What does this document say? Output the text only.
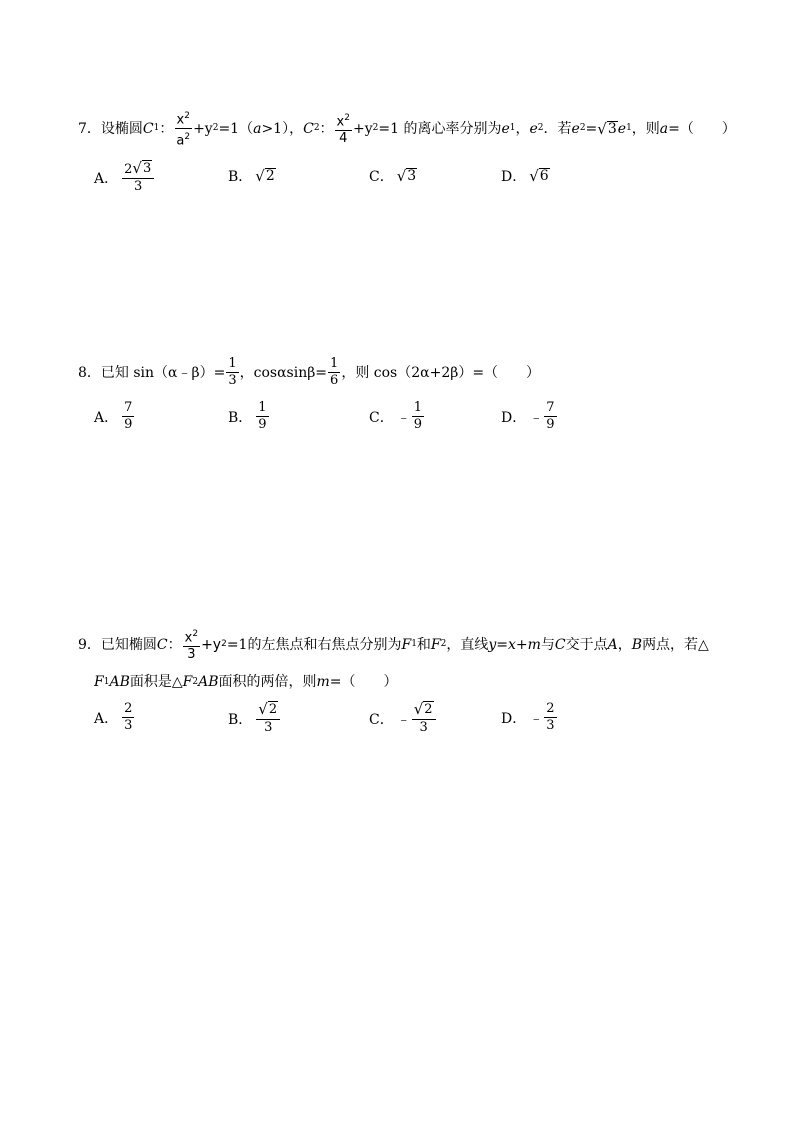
7． 设椭圆 C 1 ： $\frac{x^2}{a^2} +y$ 2 =1（ a >1）， C 2 ： $\frac{x^2}{4} +y$ 2 =1 的离心率分别为 e 1 ， e 2 ．若 e 2 = √ 3 e 1 ，则 a =（　　）
A． $\frac{2 √ 3}{3}$	B． √ 2	C． √ 3	D． √ 6
8． 已知 sin（α﹣β）= $\frac{1}{3}$ ，$\cos\alpha\sin\beta= \frac{1}{6}$ ，则 cos（2α+2β）=（　　）
A． $\frac{7}{9}$	B． $\frac{1}{9}$	C． ﹣ $\frac{1}{9}$	D． ﹣ $\frac{7}{9}$
9． 已知椭圆 C ： $\frac{x^2}{3} +y$ 2 =1的左焦点和右焦点分别为 F 1 和 F 2 ，直线 y=x+m 与 C 交于点 A ， B 两点，若△
F 1 AB 面积是△ F 2 AB 面积的两倍，则 m =（　　）
A． $\frac{2}{3}$	B． $\frac{√ 2}{3}$	C． ﹣ $\frac{√ 2}{3}$	D． ﹣ $\frac{2}{3}$
